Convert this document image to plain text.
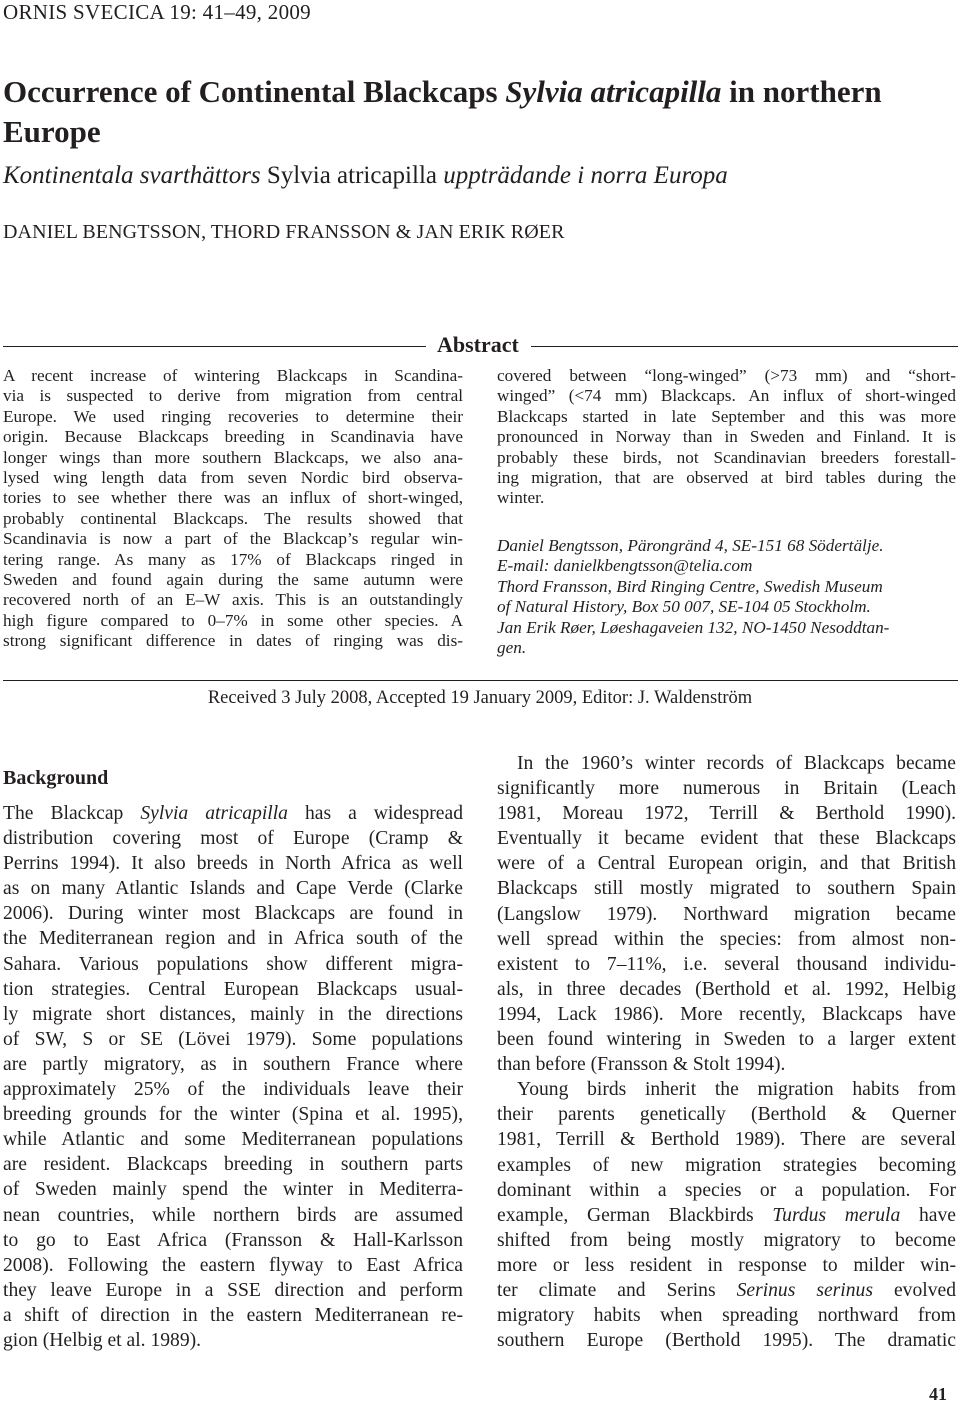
ORNIS SVECICA 19: 41–49, 2009
Occurrence of Continental Blackcaps Sylvia atricapilla in northern
Europe
Kontinentala svarthättors Sylvia atricapilla uppträdande i norra Europa
DANIEL BENGTSSON, THORD FRANSSON & JAN ERIK RØER
Abstract
A recent increase of wintering Blackcaps in Scandina-
via is suspected to derive from migration from central
Europe. We used ringing recoveries to determine their
origin. Because Blackcaps breeding in Scandinavia have
longer wings than more southern Blackcaps, we also ana-
lysed wing length data from seven Nordic bird observa-
tories to see whether there was an influx of short-winged,
probably continental Blackcaps. The results showed that
Scandinavia is now a part of the Blackcap’s regular win-
tering range. As many as 17% of Blackcaps ringed in
Sweden and found again during the same autumn were
recovered north of an E–W axis. This is an outstandingly
high figure compared to 0–7% in some other species. A
strong significant difference in dates of ringing was dis-
covered between “long-winged” (>73 mm) and “short-
winged” (<74 mm) Blackcaps. An influx of short-winged
Blackcaps started in late September and this was more
pronounced in Norway than in Sweden and Finland. It is
probably these birds, not Scandinavian breeders forestall-
ing migration, that are observed at bird tables during the
winter.
Daniel Bengtsson, Pärongränd 4, SE-151 68 Södertälje.
E-mail: danielkbengtsson@telia.com
Thord Fransson, Bird Ringing Centre, Swedish Museum
of Natural History, Box 50 007, SE-104 05 Stockholm.
Jan Erik Røer, Løeshagaveien 132, NO-1450 Nesoddtan-
gen.
Received 3 July 2008, Accepted 19 January 2009, Editor: J. Waldenström
Background
The Blackcap Sylvia atricapilla has a widespread
distribution covering most of Europe (Cramp &
Perrins 1994). It also breeds in North Africa as well
as on many Atlantic Islands and Cape Verde (Clarke
2006). During winter most Blackcaps are found in
the Mediterranean region and in Africa south of the
Sahara. Various populations show different migra-
tion strategies. Central European Blackcaps usual-
ly migrate short distances, mainly in the directions
of SW, S or SE (Lövei 1979). Some populations
are partly migratory, as in southern France where
approximately 25% of the individuals leave their
breeding grounds for the winter (Spina et al. 1995),
while Atlantic and some Mediterranean populations
are resident. Blackcaps breeding in southern parts
of Sweden mainly spend the winter in Mediterra-
nean countries, while northern birds are assumed
to go to East Africa (Fransson & Hall-Karlsson
2008). Following the eastern flyway to East Africa
they leave Europe in a SSE direction and perform
a shift of direction in the eastern Mediterranean re-
gion (Helbig et al. 1989).
In the 1960’s winter records of Blackcaps became
significantly more numerous in Britain (Leach
1981, Moreau 1972, Terrill & Berthold 1990).
Eventually it became evident that these Blackcaps
were of a Central European origin, and that British
Blackcaps still mostly migrated to southern Spain
(Langslow 1979). Northward migration became
well spread within the species: from almost non-
existent to 7–11%, i.e. several thousand individu-
als, in three decades (Berthold et al. 1992, Helbig
1994, Lack 1986). More recently, Blackcaps have
been found wintering in Sweden to a larger extent
than before (Fransson & Stolt 1994).
Young birds inherit the migration habits from
their parents genetically (Berthold & Querner
1981, Terrill & Berthold 1989). There are several
examples of new migration strategies becoming
dominant within a species or a population. For
example, German Blackbirds Turdus merula have
shifted from being mostly migratory to become
more or less resident in response to milder win-
ter climate and Serins Serinus serinus evolved
migratory habits when spreading northward from
southern Europe (Berthold 1995). The dramatic
41
